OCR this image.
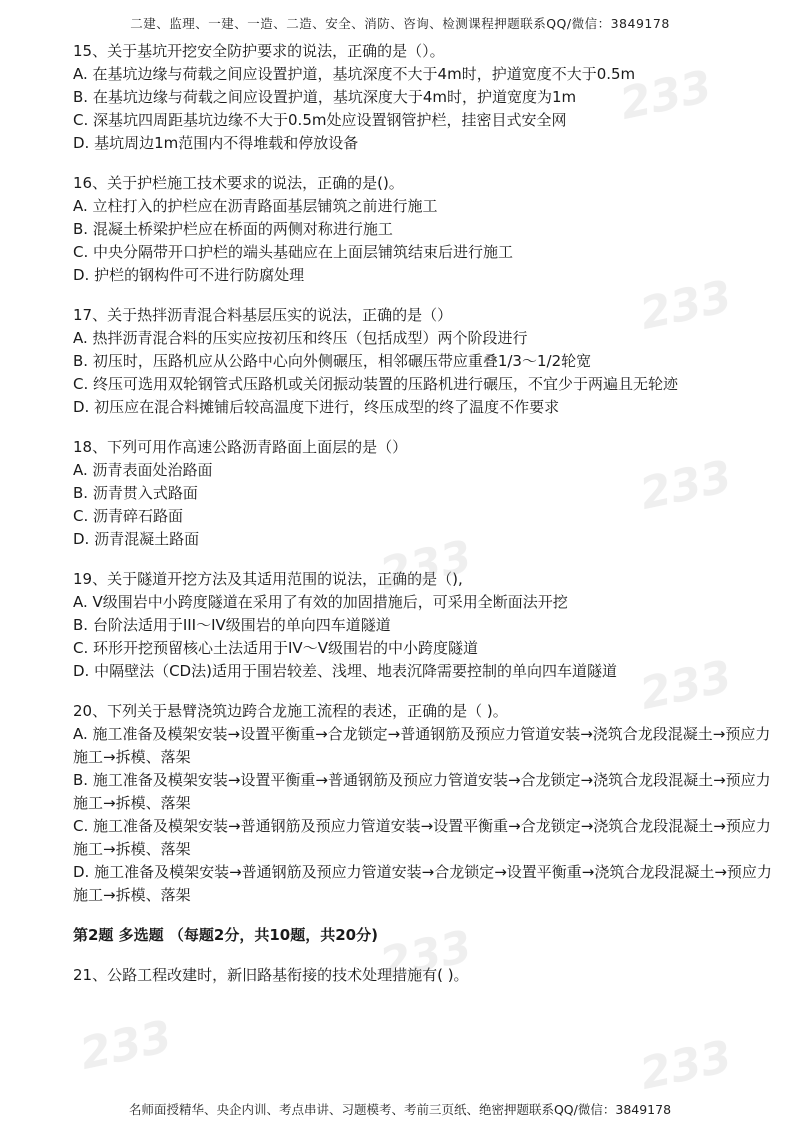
二建、监理、一建、一造、二造、安全、消防、咨询、检测课程押题联系QQ/微信：3849178
15、关于基坑开挖安全防护要求的说法，正确的是（）。
A. 在基坑边缘与荷载之间应设置护道，基坑深度不大于4m时，护道宽度不大于0.5m
B. 在基坑边缘与荷载之间应设置护道，基坑深度大于4m时，护道宽度为1m
C. 深基坑四周距基坑边缘不大于0.5m处应设置钢管护栏，挂密目式安全网
D. 基坑周边1m范围内不得堆载和停放设备
16、关于护栏施工技术要求的说法，正确的是()。
A. 立柱打入的护栏应在沥青路面基层铺筑之前进行施工
B. 混凝土桥梁护栏应在桥面的两侧对称进行施工
C. 中央分隔带开口护栏的端头基础应在上面层铺筑结束后进行施工
D. 护栏的钢构件可不进行防腐处理
17、关于热拌沥青混合料基层压实的说法，正确的是（）
A. 热拌沥青混合料的压实应按初压和终压（包括成型）两个阶段进行
B. 初压时，压路机应从公路中心向外侧碾压，相邻碾压带应重叠1/3～1/2轮宽
C. 终压可选用双轮钢管式压路机或关闭振动装置的压路机进行碾压，不宜少于两遍且无轮迹
D. 初压应在混合料摊铺后较高温度下进行，终压成型的终了温度不作要求
18、下列可用作高速公路沥青路面上面层的是（）
A. 沥青表面处治路面
B. 沥青贯入式路面
C. 沥青碎石路面
D. 沥青混凝土路面
19、关于隧道开挖方法及其适用范围的说法，正确的是（),
A. V级围岩中小跨度隧道在采用了有效的加固措施后，可采用全断面法开挖
B. 台阶法适用于III～IV级围岩的单向四车道隧道
C. 环形开挖预留核心土法适用于IV～V级围岩的中小跨度隧道
D. 中隔壁法（CD法)适用于围岩较差、浅埋、地表沉降需要控制的单向四车道隧道
20、下列关于悬臂浇筑边跨合龙施工流程的表述，正确的是（ )。
A. 施工准备及模架安装→设置平衡重→合龙锁定→普通钢筋及预应力管道安装→浇筑合龙段混凝土→预应力施工→拆模、落架
B. 施工准备及模架安装→设置平衡重→普通钢筋及预应力管道安装→合龙锁定→浇筑合龙段混凝土→预应力施工→拆模、落架
C. 施工准备及模架安装→普通钢筋及预应力管道安装→设置平衡重→合龙锁定→浇筑合龙段混凝土→预应力施工→拆模、落架
D. 施工准备及模架安装→普通钢筋及预应力管道安装→合龙锁定→设置平衡重→浇筑合龙段混凝土→预应力施工→拆模、落架
第2题 多选题 （每题2分，共10题，共20分)
21、公路工程改建时，新旧路基衔接的技术处理措施有( )。
名师面授精华、央企内训、考点串讲、习题模考、考前三页纸、绝密押题联系QQ/微信：3849178
233
233
233
233
233
233
233	233
